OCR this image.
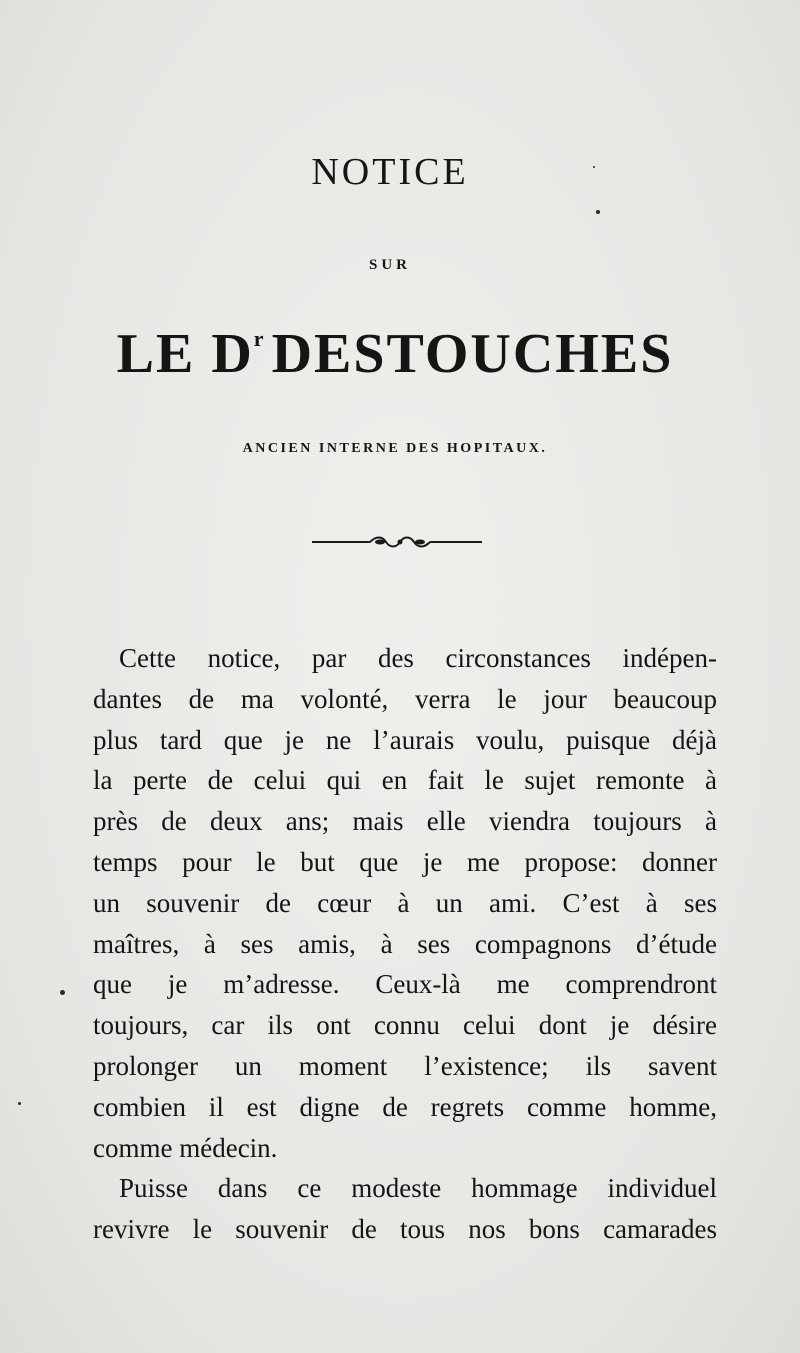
NOTICE
SUR
LE $D^r$ DESTOUCHES
ANCIEN INTERNE DES HOPITAUX.

Cette notice, par des circonstances indépen-
dantes de ma volonté, verra le jour beaucoup
plus tard que je ne l’aurais voulu, puisque déjà
la perte de celui qui en fait le sujet remonte à
près de deux ans; mais elle viendra toujours à
temps pour le but que je me propose: donner
un souvenir de cœur à un ami. C’est à ses
maîtres, à ses amis, à ses compagnons d’étude
que je m’adresse. Ceux-là me comprendront
toujours, car ils ont connu celui dont je désire
prolonger un moment l’existence; ils savent
combien il est digne de regrets comme homme,
comme médecin.

Puisse dans ce modeste hommage individuel
revivre le souvenir de tous nos bons camarades
